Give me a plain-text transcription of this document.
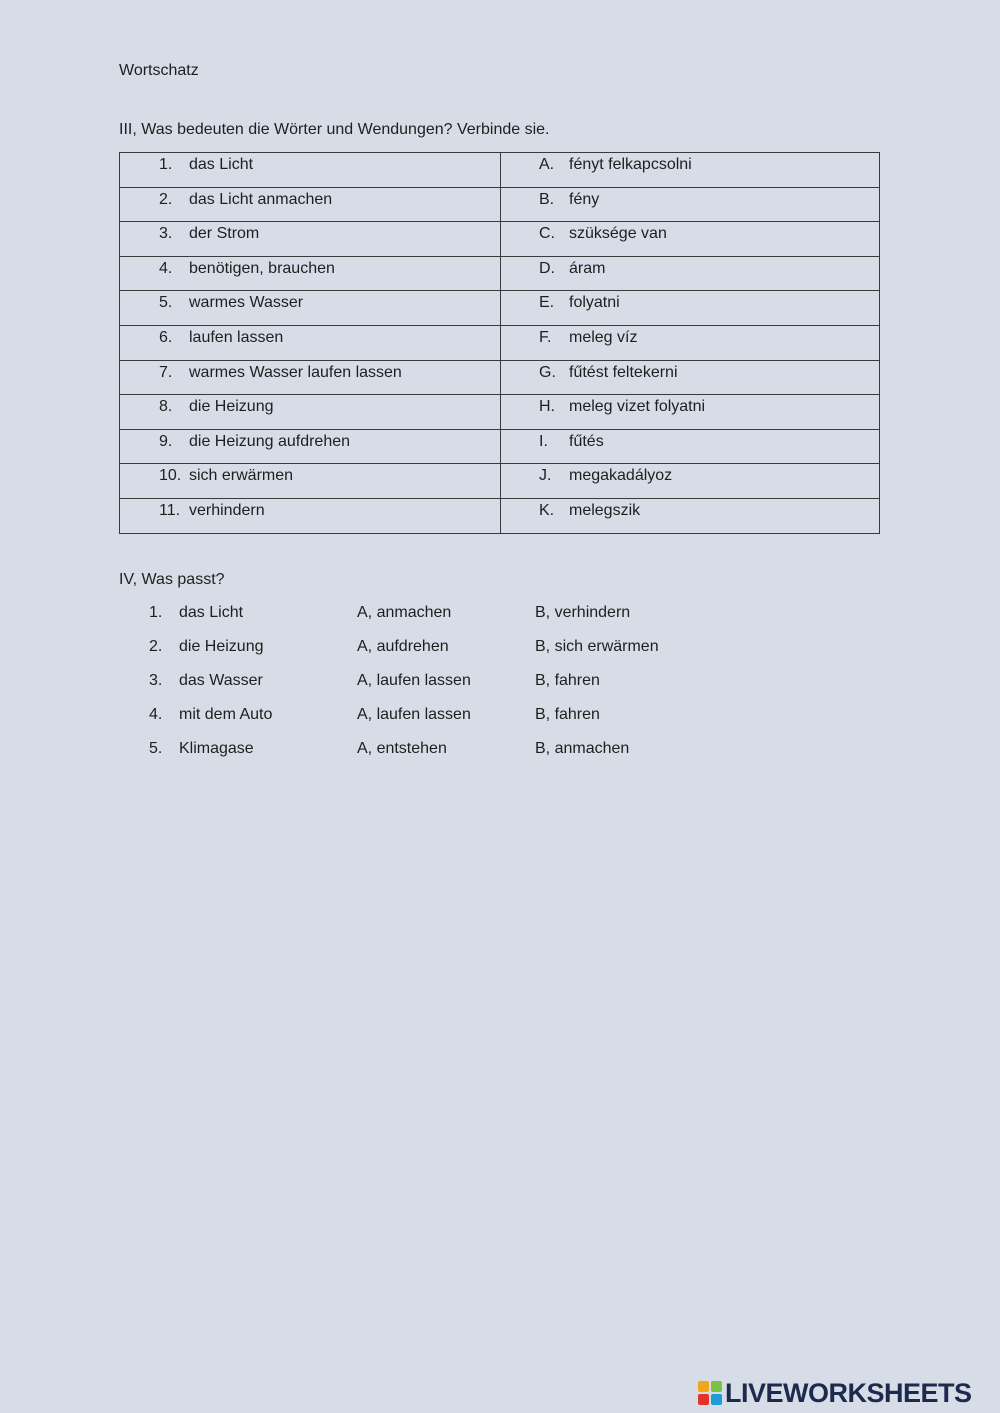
Wortschatz
III, Was bedeuten die Wörter und Wendungen? Verbinde sie.
1. das Licht	A. fényt felkapcsolni

2. das Licht anmachen	B. fény

3. der Strom	C. szüksége van

4. benötigen, brauchen	D. áram

5. warmes Wasser	E. folyatni

6. laufen lassen	F. meleg víz

7. warmes Wasser laufen lassen	G. fűtést feltekerni

8. die Heizung	H. meleg vizet folyatni

9. die Heizung aufdrehen	I. fűtés

10. sich erwärmen	J. megakadályoz

11. verhindern	K. melegszik
IV, Was passt?
1. das Licht	A, anmachen	B, verhindern
2. die Heizung	A, aufdrehen	B, sich erwärmen
3. das Wasser	A, laufen lassen	B, fahren
4. mit dem Auto	A, laufen lassen	B, fahren
5. Klimagase	A, entstehen	B, anmachen
LIVEWORKSHEETS
